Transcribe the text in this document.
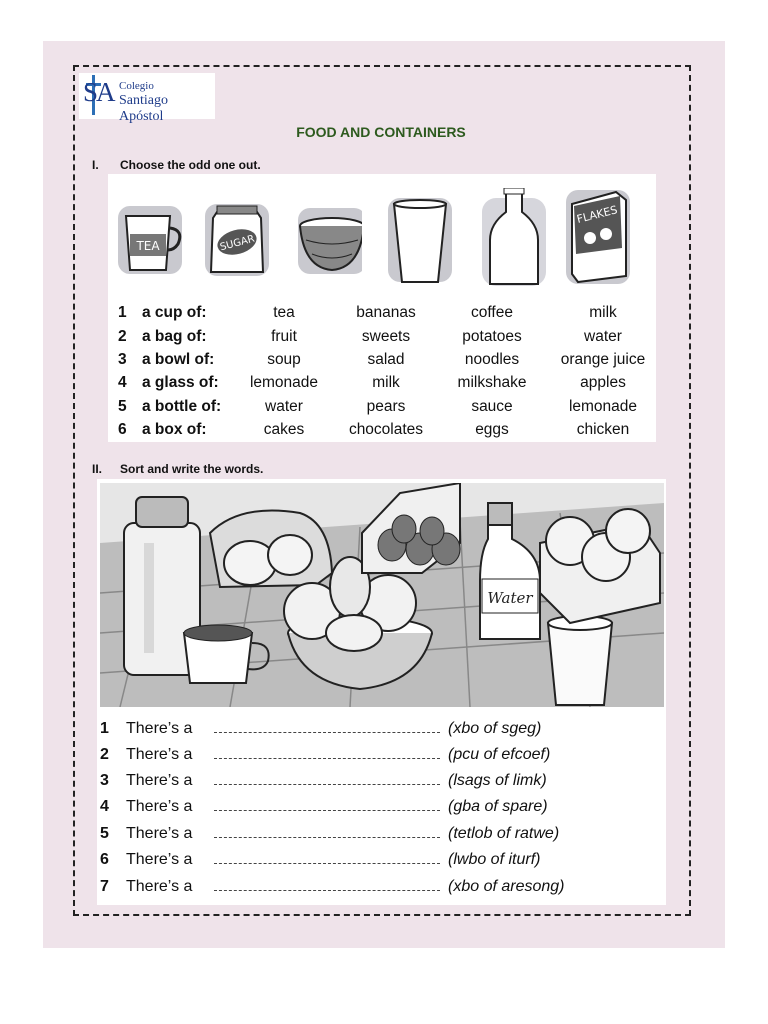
SA Colegio
Santiago Apóstol
FOOD AND CONTAINERS
I. Choose the odd one out.
TEA	SUGAR
FLAKES
1 a cup of:	tea	bananas	coffee	milk
2 a bag of:	fruit	sweets	potatoes	water
3 a bowl of:	soup	salad	noodles	orange juice
4 a glass of:	lemonade	milk	milkshake	apples
5 a bottle of:	water	pears	sauce	lemonade
6 a box of:	cakes	chocolates	eggs	chicken
II. Sort and write the words.
Water
1 There’s a	(xbo of sgeg)
2 There’s a	(pcu of efcoef)
3 There’s a	(lsags of limk)
4 There’s a	(gba of spare)
5 There’s a	(tetlob of ratwe)
6 There’s a	(lwbo of iturf)
7 There’s a	(xbo of aresong)
